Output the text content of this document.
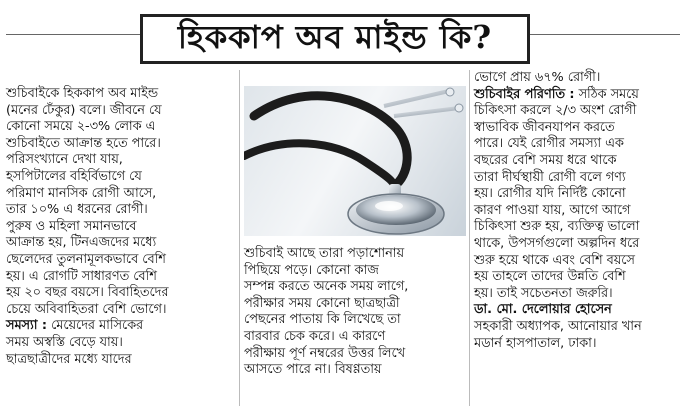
হিককাপ অব মাইন্ড কি?

শুচিবাইকে হিককাপ অব মাইন্ড

(মনের ঢেঁকুর) বলে। জীবনে যে

কোনো সময়ে ২-৩% লোক এ

শুচিবাইতে আক্রান্ত হতে পারে।

পরিসংখ্যানে দেখা যায়,

হসপিটালের বহির্বিভাগে যে

পরিমাণ মানসিক রোগী আসে,

তার ১০% এ ধরনের রোগী।

পুরুষ ও মহিলা সমানভাবে

আক্রান্ত হয়, টিনএজদের মধ্যে

ছেলেদের তুলনামূলকভাবে বেশি

হয়। এ রোগটি সাধারণত বেশি

হয় ২০ বছর বয়সে। বিবাহিতদের

চেয়ে অবিবাহিতরা বেশি ভোগে।

সমস্যা : মেয়েদের মাসিকের

সময় অস্বস্তি বেড়ে যায়।

ছাত্রছাত্রীদের মধ্যে যাদের

শুচিবাই আছে তারা পড়াশোনায়

পিছিয়ে পড়ে। কোনো কাজ

সম্পন্ন করতে অনেক সময় লাগে,

পরীক্ষার সময় কোনো ছাত্রছাত্রী

পেছনের পাতায় কি লিখেছে তা

বারবার চেক করে। এ কারণে

পরীক্ষায় পূর্ণ নম্বরের উত্তর লিখে

আসতে পারে না। বিষণ্ণতায়

ভোগে প্রায় ৬৭% রোগী।

শুচিবাইর পরিণতি : সঠিক সময়ে

চিকিৎসা করলে ২/৩ অংশ রোগী

স্বাভাবিক জীবনযাপন করতে

পারে। যেই রোগীর সমস্যা এক

বছরের বেশি সময় ধরে থাকে

তারা দীর্ঘস্থায়ী রোগী বলে গণ্য

হয়। রোগীর যদি নির্দিষ্ট কোনো

কারণ পাওয়া যায়, আগে আগে

চিকিৎসা শুরু হয়, ব্যক্তিত্ব ভালো

থাকে, উপসর্গগুলো অল্পদিন ধরে

শুরু হয়ে থাকে এবং বেশি বয়সে

হয় তাহলে তাদের উন্নতি বেশি

হয়। তাই সচেতনতা জরুরি।

ডা. মো. দেলোয়ার হোসেন

সহকারী অধ্যাপক, আনোয়ার খান

মডার্ন হাসপাতাল, ঢাকা।
